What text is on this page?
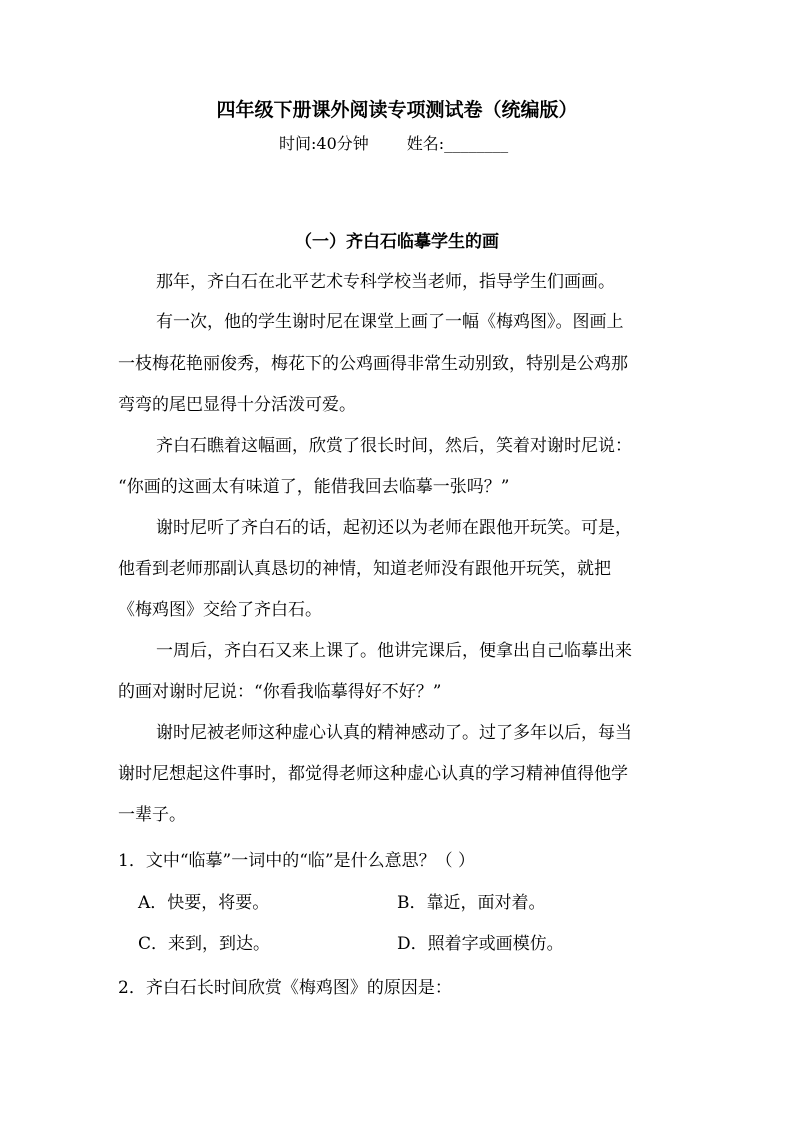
四年级下册课外阅读专项测试卷（统编版）
时间:40分钟 姓名:________
（一）齐白石临摹学生的画
那年，齐白石在北平艺术专科学校当老师，指导学生们画画。
有一次，他的学生谢时尼在课堂上画了一幅《梅鸡图》。图画上
一枝梅花艳丽俊秀，梅花下的公鸡画得非常生动别致，特别是公鸡那
弯弯的尾巴显得十分活泼可爱。
齐白石瞧着这幅画，欣赏了很长时间，然后，笑着对谢时尼说：
“你画的这画太有味道了，能借我回去临摹一张吗？”
谢时尼听了齐白石的话，起初还以为老师在跟他开玩笑。可是，
他看到老师那副认真恳切的神情，知道老师没有跟他开玩笑，就把
《梅鸡图》交给了齐白石。
一周后，齐白石又来上课了。他讲完课后，便拿出自己临摹出来
的画对谢时尼说：“你看我临摹得好不好？”
谢时尼被老师这种虚心认真的精神感动了。过了多年以后，每当
谢时尼想起这件事时，都觉得老师这种虚心认真的学习精神值得他学
一辈子。
1．文中“临摹”一词中的“临”是什么意思？（ ）
A．快要，将要。	B．靠近，面对着。
C．来到，到达。	D．照着字或画模仿。
2．齐白石长时间欣赏《梅鸡图》的原因是：
